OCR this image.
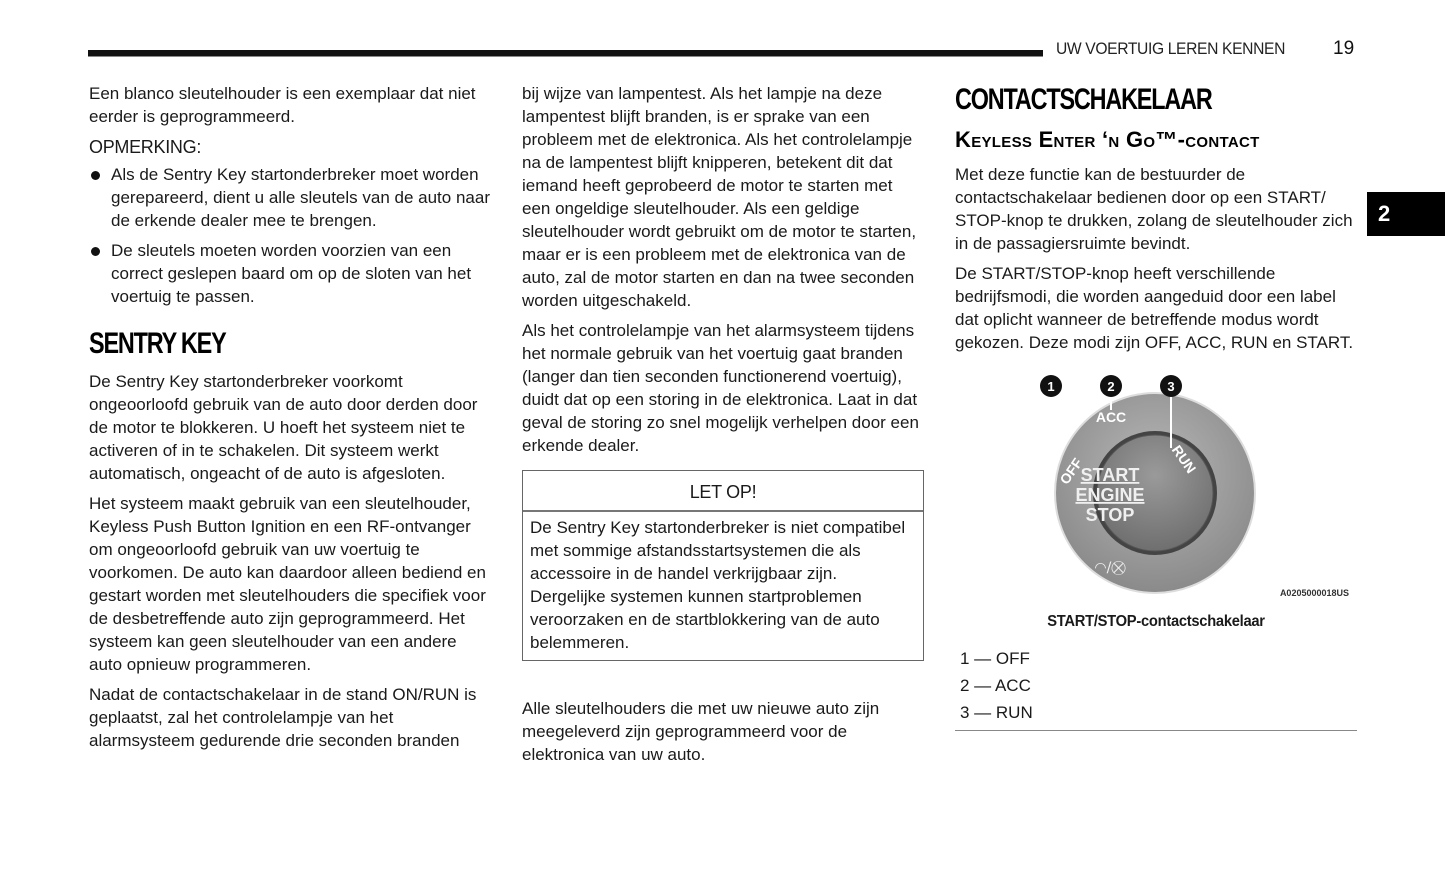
UW VOERTUIG LEREN KENNEN	19
2

Een blanco sleutelhouder is een exemplaar dat niet eerder is geprogrammeerd.

OPMERKING:
Als de Sentry Key startonderbreker moet worden gerepareerd, dient u alle sleutels van de auto naar de erkende dealer mee te brengen.
De sleutels moeten worden voorzien van een correct geslepen baard om op de sloten van het voertuig te passen.
SENTRY KEY

De Sentry Key startonderbreker voorkomt ongeoorloofd gebruik van de auto door derden door de motor te blokkeren. U hoeft het systeem niet te activeren of in te schakelen. Dit systeem werkt automatisch, ongeacht of de auto is afgesloten.

Het systeem maakt gebruik van een sleutelhouder, Keyless Push Button Ignition en een RF-ontvanger om ongeoorloofd gebruik van uw voertuig te voorkomen. De auto kan daardoor alleen bediend en gestart worden met sleutelhouders die specifiek voor de desbetreffende auto zijn geprogrammeerd. Het systeem kan geen sleutelhouder van een andere auto opnieuw programmeren.

Nadat de contactschakelaar in de stand ON/RUN is geplaatst, zal het controlelampje van het alarmsysteem gedurende drie seconden branden

bij wijze van lampentest. Als het lampje na deze lampentest blijft branden, is er sprake van een probleem met de elektronica. Als het controlelampje na de lampentest blijft knipperen, betekent dit dat iemand heeft geprobeerd de motor te starten met een ongeldige sleutelhouder. Als een geldige sleutelhouder wordt gebruikt om de motor te starten, maar er is een probleem met de elektronica van de auto, zal de motor starten en dan na twee seconden worden uitgeschakeld.

Als het controlelampje van het alarmsysteem tijdens het normale gebruik van het voertuig gaat branden (langer dan tien seconden functionerend voertuig), duidt dat op een storing in de elektronica. Laat in dat geval de storing zo snel mogelijk verhelpen door een erkende dealer.

LET OP!
De Sentry Key startonderbreker is niet compatibel met sommige afstandsstartsystemen die als accessoire in de handel verkrijgbaar zijn. Dergelijke systemen kunnen startproblemen veroorzaken en de startblokkering van de auto belemmeren.

Alle sleutelhouders die met uw nieuwe auto zijn meegeleverd zijn geprogrammeerd voor de elektronica van uw auto.

CONTACTSCHAKELAAR
Keyless Enter ‘n Go™-contact

Met deze functie kan de bestuurder de contactschakelaar bedienen door op een START/ STOP-knop te drukken, zolang de sleutelhouder zich in de passagiersruimte bevindt.

De START/STOP-knop heeft verschillende bedrijfsmodi, die worden aangeduid door een label dat oplicht wanneer de betreffende modus wordt gekozen. Deze modi zijn OFF, ACC, RUN en START.

1	2	3
ACC
OFF	RUN
START
ENGINE
STOP
◠/⛒
A0205000018US
START/STOP-contactschakelaar
1 — OFF
2 — ACC
3 — RUN
